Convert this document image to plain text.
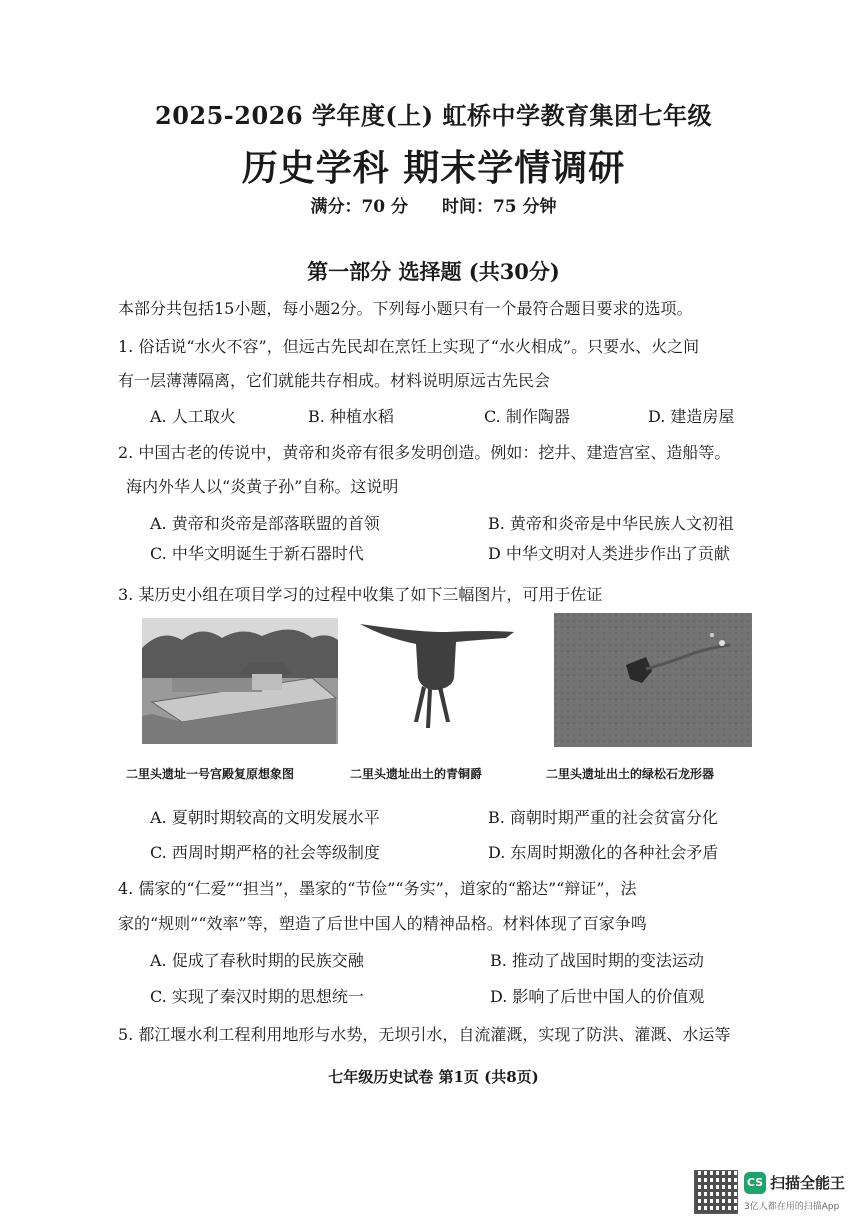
2025-2026 学年度(上) 虹桥中学教育集团七年级
历史学科 期末学情调研
满分：70 分 时间：75 分钟
第一部分 选择题 (共30分)
本部分共包括15小题，每小题2分。下列每小题只有一个最符合题目要求的选项。
1. 俗话说“水火不容”，但远古先民却在烹饪上实现了“水火相成”。只要水、火之间
有一层薄薄隔离，它们就能共存相成。材料说明原远古先民会
A. 人工取火	B. 种植水稻	C. 制作陶器	D. 建造房屋
2. 中国古老的传说中，黄帝和炎帝有很多发明创造。例如：挖井、建造宫室、造船等。
海内外华人以“炎黄子孙”自称。这说明
A. 黄帝和炎帝是部落联盟的首领	B. 黄帝和炎帝是中华民族人文初祖
C. 中华文明诞生于新石器时代	D 中华文明对人类进步作出了贡献
3. 某历史小组在项目学习的过程中收集了如下三幅图片，可用于佐证
二里头遗址一号宫殿复原想象图	二里头遗址出土的青铜爵	二里头遗址出土的绿松石龙形器
A. 夏朝时期较高的文明发展水平	B. 商朝时期严重的社会贫富分化
C. 西周时期严格的社会等级制度	D. 东周时期激化的各种社会矛盾
4. 儒家的“仁爱”“担当”，墨家的“节俭”“务实”，道家的“豁达”“辩证”，法
家的“规则”“效率”等，塑造了后世中国人的精神品格。材料体现了百家争鸣
A. 促成了春秋时期的民族交融	B. 推动了战国时期的变法运动
C. 实现了秦汉时期的思想统一	D. 影响了后世中国人的价值观
5. 都江堰水利工程利用地形与水势，无坝引水，自流灌溉，实现了防洪、灌溉、水运等
七年级历史试卷 第1页 (共8页)
CS 扫描全能王
3亿人都在用的扫描App
